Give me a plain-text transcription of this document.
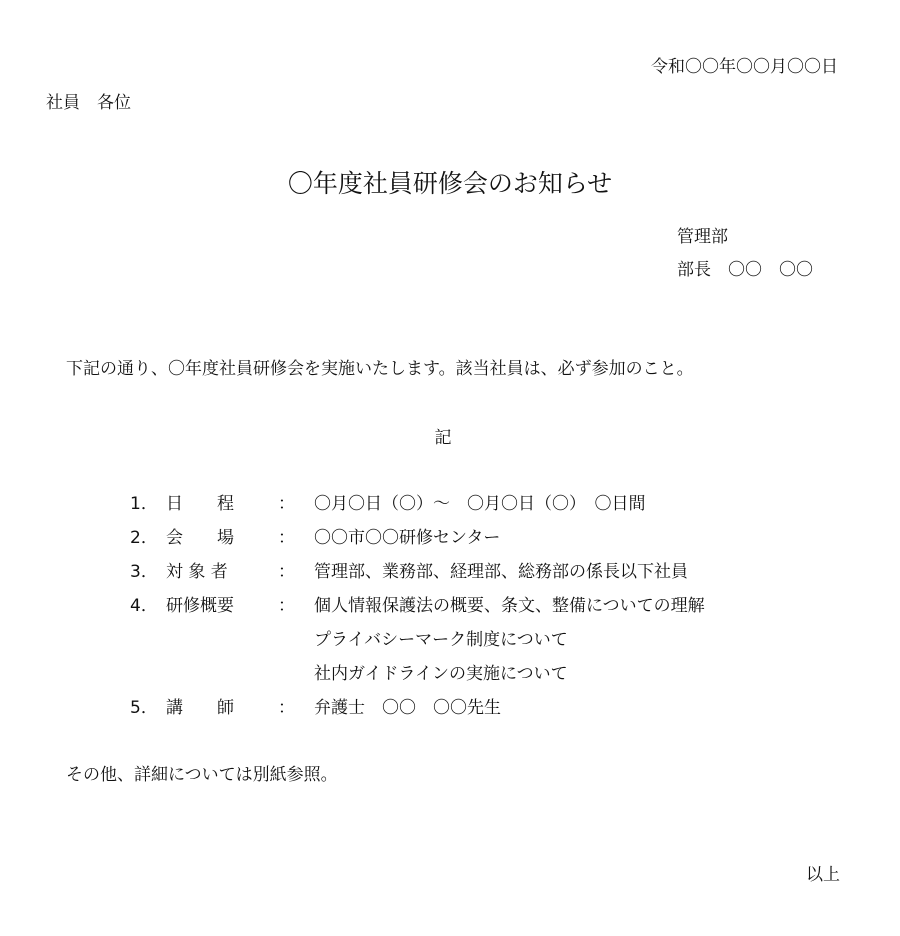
令和〇〇年〇〇月〇〇日
社員　各位
〇年度社員研修会のお知らせ
管理部
部長　〇〇　〇〇
下記の通り、〇年度社員研修会を実施いたします。該当社員は、必ず参加のこと。
記
1． 日　　程	： 〇月〇日（〇）～　〇月〇日（〇）　〇日間
2． 会　　場	： 〇〇市〇〇研修センター
3． 対 象 者	： 管理部、業務部、経理部、総務部の係長以下社員
4． 研修概要	： 個人情報保護法の概要、条文、整備についての理解
プライバシーマーク制度について
社内ガイドラインの実施について
5． 講　　師	： 弁護士　〇〇　〇〇先生
その他、詳細については別紙参照。
以上
